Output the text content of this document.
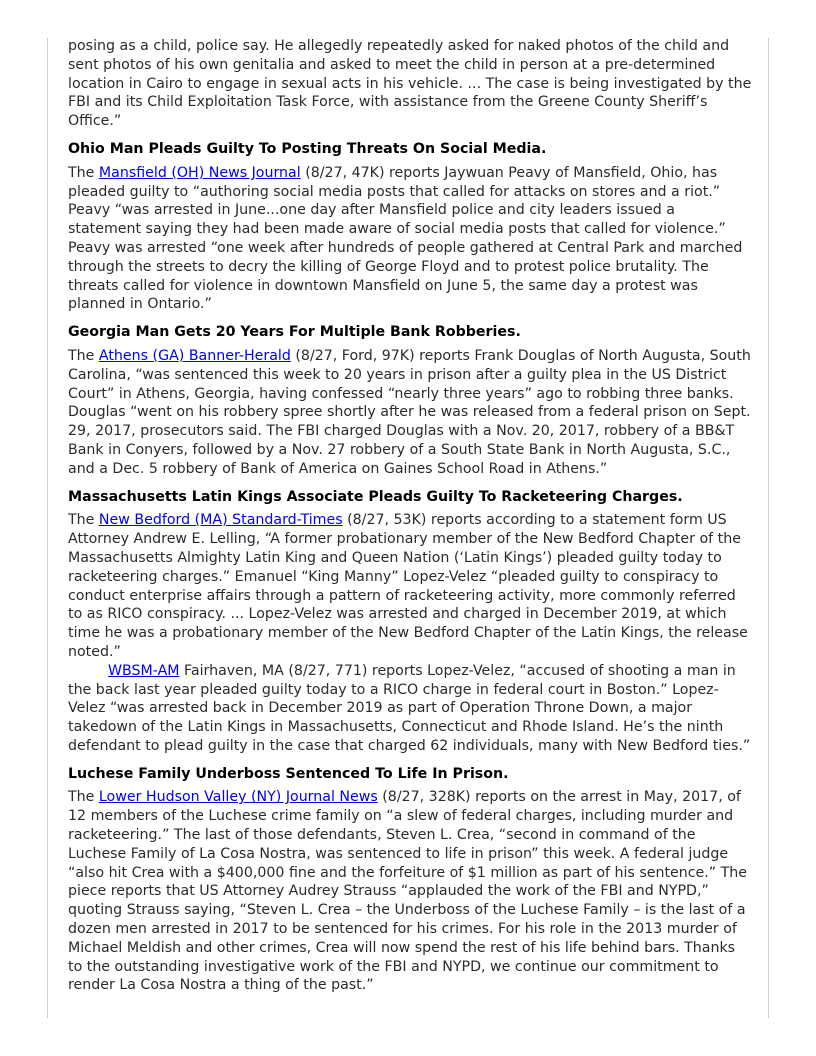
posing as a child, police say. He allegedly repeatedly asked for naked photos of the child and sent photos of his own genitalia and asked to meet the child in person at a pre-determined location in Cairo to engage in sexual acts in his vehicle. ... The case is being investigated by the FBI and its Child Exploitation Task Force, with assistance from the Greene County Sheriff’s Office.”

Ohio Man Pleads Guilty To Posting Threats On Social Media.

The Mansfield (OH) News Journal (8/27, 47K) reports Jaywuan Peavy of Mansfield, Ohio, has pleaded guilty to “authoring social media posts that called for attacks on stores and a riot.” Peavy “was arrested in June...one day after Mansfield police and city leaders issued a statement saying they had been made aware of social media posts that called for violence.” Peavy was arrested “one week after hundreds of people gathered at Central Park and marched through the streets to decry the killing of George Floyd and to protest police brutality. The threats called for violence in downtown Mansfield on June 5, the same day a protest was planned in Ontario.”

Georgia Man Gets 20 Years For Multiple Bank Robberies.

The Athens (GA) Banner-Herald (8/27, Ford, 97K) reports Frank Douglas of North Augusta, South Carolina, “was sentenced this week to 20 years in prison after a guilty plea in the US District Court” in Athens, Georgia, having confessed “nearly three years” ago to robbing three banks. Douglas “went on his robbery spree shortly after he was released from a federal prison on Sept. 29, 2017, prosecutors said. The FBI charged Douglas with a Nov. 20, 2017, robbery of a BB&T Bank in Conyers, followed by a Nov. 27 robbery of a South State Bank in North Augusta, S.C., and a Dec. 5 robbery of Bank of America on Gaines School Road in Athens.”

Massachusetts Latin Kings Associate Pleads Guilty To Racketeering Charges.

The New Bedford (MA) Standard-Times (8/27, 53K) reports according to a statement form US Attorney Andrew E. Lelling, “A former probationary member of the New Bedford Chapter of the Massachusetts Almighty Latin King and Queen Nation (‘Latin Kings’) pleaded guilty today to racketeering charges.” Emanuel “King Manny” Lopez-Velez “pleaded guilty to conspiracy to conduct enterprise affairs through a pattern of racketeering activity, more commonly referred to as RICO conspiracy. ... Lopez-Velez was arrested and charged in December 2019, at which time he was a probationary member of the New Bedford Chapter of the Latin Kings, the release noted.”

WBSM-AM Fairhaven, MA (8/27, 771) reports Lopez-Velez, “accused of shooting a man in the back last year pleaded guilty today to a RICO charge in federal court in Boston.” Lopez-Velez “was arrested back in December 2019 as part of Operation Throne Down, a major takedown of the Latin Kings in Massachusetts, Connecticut and Rhode Island. He’s the ninth defendant to plead guilty in the case that charged 62 individuals, many with New Bedford ties.”

Luchese Family Underboss Sentenced To Life In Prison.

The Lower Hudson Valley (NY) Journal News (8/27, 328K) reports on the arrest in May, 2017, of 12 members of the Luchese crime family on “a slew of federal charges, including murder and racketeering.” The last of those defendants, Steven L. Crea, “second in command of the Luchese Family of La Cosa Nostra, was sentenced to life in prison” this week. A federal judge “also hit Crea with a $400,000 fine and the forfeiture of $1 million as part of his sentence.” The piece reports that US Attorney Audrey Strauss “applauded the work of the FBI and NYPD,” quoting Strauss saying, “Steven L. Crea – the Underboss of the Luchese Family – is the last of a dozen men arrested in 2017 to be sentenced for his crimes. For his role in the 2013 murder of Michael Meldish and other crimes, Crea will now spend the rest of his life behind bars. Thanks to the outstanding investigative work of the FBI and NYPD, we continue our commitment to render La Cosa Nostra a thing of the past.”
